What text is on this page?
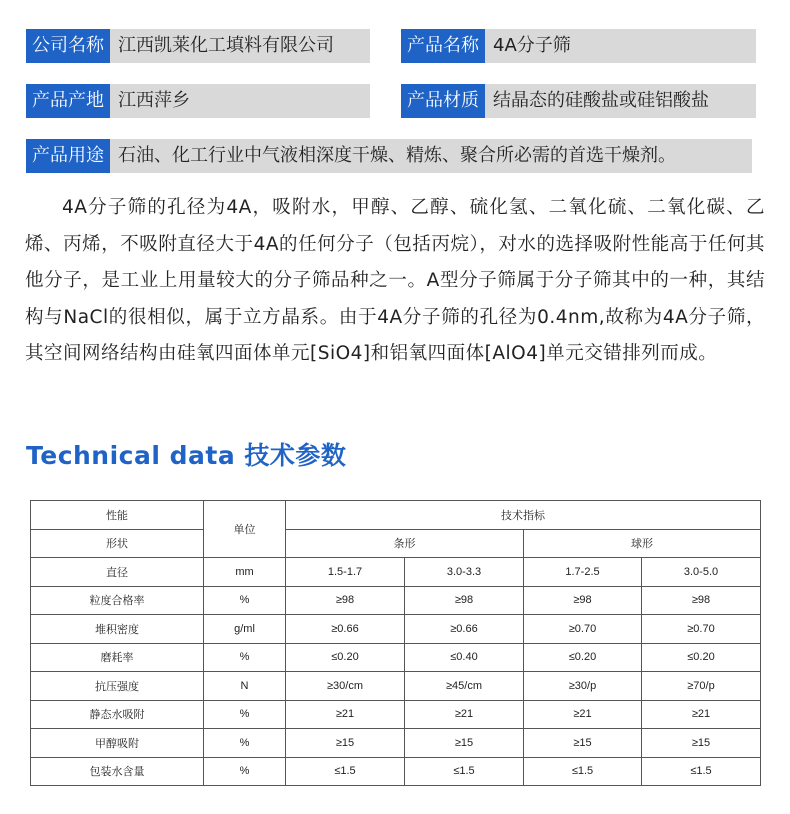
公司名称 江西凯莱化工填料有限公司	产品名称 4A分子筛
产品产地 江西萍乡	产品材质 结晶态的硅酸盐或硅铝酸盐
产品用途 石油、化工行业中气液相深度干燥、精炼、聚合所必需的首选干燥剂。
4A分子筛的孔径为4A，吸附水，甲醇、乙醇、硫化氢、二氧化硫、二氧化碳、乙烯、丙烯，不吸附直径大于4A的任何分子（包括丙烷），对水的选择吸附性能高于任何其他分子，是工业上用量较大的分子筛品种之一。A型分子筛属于分子筛其中的一种，其结构与NaCl的很相似，属于立方晶系。由于4A分子筛的孔径为0.4nm,故称为4A分子筛，其空间网络结构由硅氧四面体单元[SiO4]和铝氧四面体[AlO4]单元交错排列而成。
Technical data 技术参数
性能	单位	技术指标			
形状		条形		球形	
直径	mm	1.5-1.7	3.0-3.3	1.7-2.5	3.0-5.0
粒度合格率	%	≥98	≥98	≥98	≥98
堆积密度	g/ml	≥0.66	≥0.66	≥0.70	≥0.70
磨耗率	%	≤0.20	≤0.40	≤0.20	≤0.20
抗压强度	N	≥30/cm	≥45/cm	≥30/p	≥70/p
静态水吸附	%	≥21	≥21	≥21	≥21
甲醇吸附	%	≥15	≥15	≥15	≥15
包装水含量	%	≤1.5	≤1.5	≤1.5	≤1.5
